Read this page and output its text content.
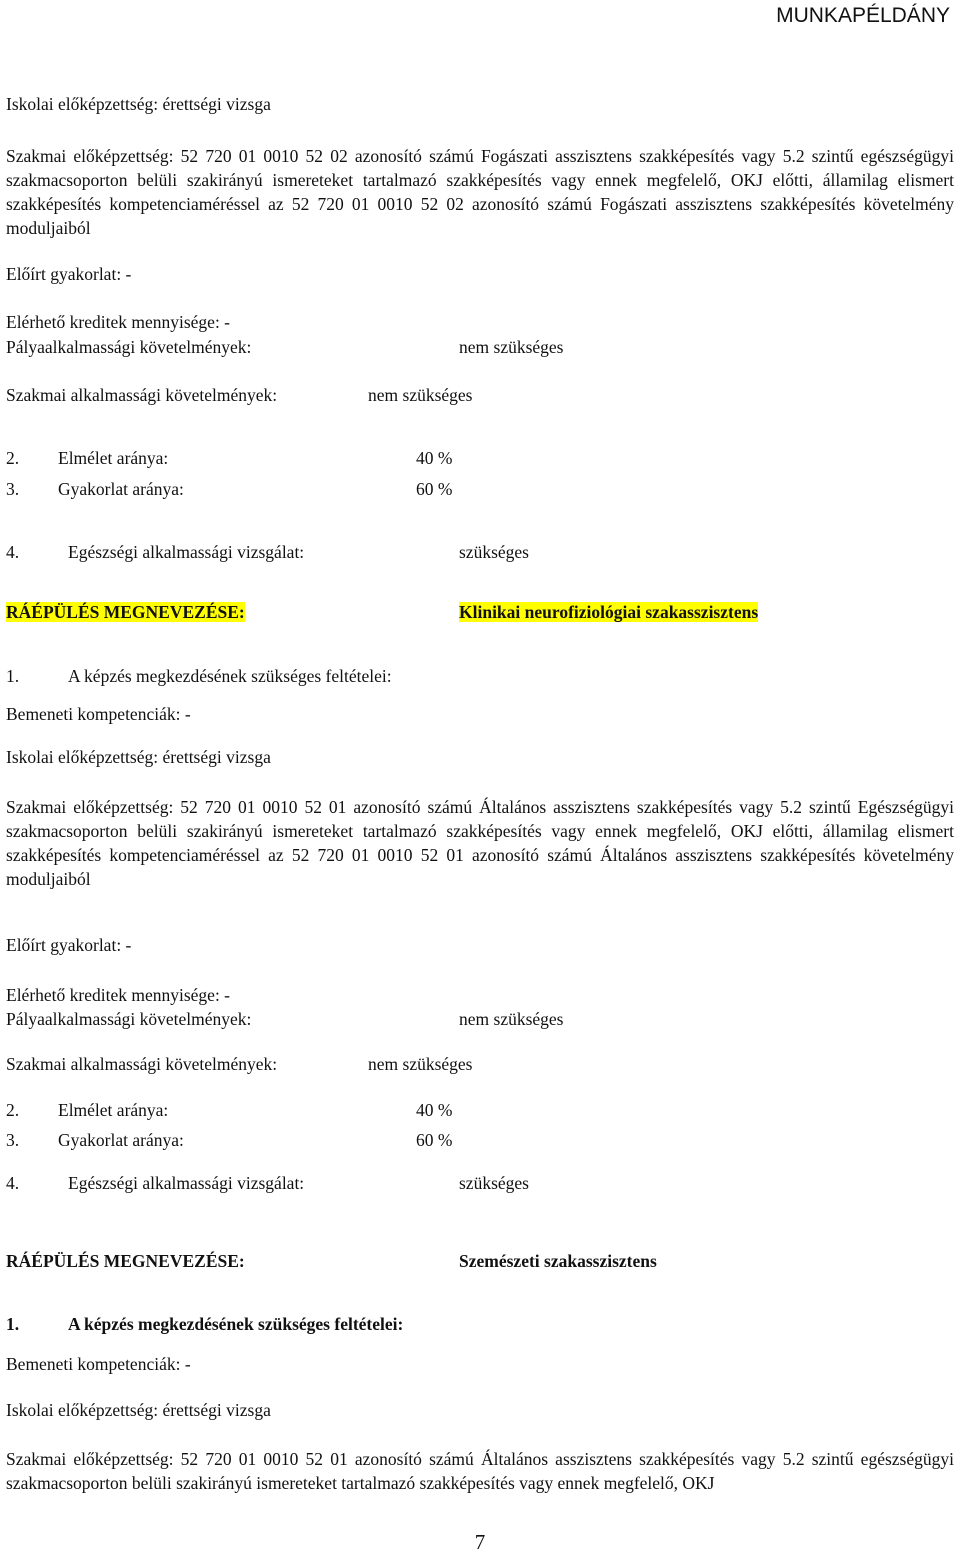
MUNKAPÉLDÁNY
Iskolai előképzettség: érettségi vizsga
Szakmai előképzettség: 52 720 01 0010 52 02 azonosító számú Fogászati asszisztens szakképesítés vagy 5.2 szintű egészségügyi szakmacsoporton belüli szakirányú ismereteket tartalmazó szakképesítés vagy ennek megfelelő, OKJ előtti, államilag elismert szakképesítés kompetenciaméréssel az 52 720 01 0010 52 02 azonosító számú Fogászati asszisztens szakképesítés követelmény moduljaiból
Előírt gyakorlat: -
Elérhető kreditek mennyisége: -
Pályaalkalmassági követelmények:	nem szükséges
Szakmai alkalmassági követelmények:	nem szükséges
2. Elmélet aránya:	40 %
3. Gyakorlat aránya:	60 %
4.	Egészségi alkalmassági vizsgálat:	szükséges
RÁÉPÜLÉS MEGNEVEZÉSE:	Klinikai neurofiziológiai szakasszisztens
1.	A képzés megkezdésének szükséges feltételei:
Bemeneti kompetenciák: -
Iskolai előképzettség: érettségi vizsga
Szakmai előképzettség: 52 720 01 0010 52 01 azonosító számú Általános asszisztens szakképesítés vagy 5.2 szintű Egészségügyi szakmacsoporton belüli szakirányú ismereteket tartalmazó szakképesítés vagy ennek megfelelő, OKJ előtti, államilag elismert szakképesítés kompetenciaméréssel az 52 720 01 0010 52 01 azonosító számú Általános asszisztens szakképesítés követelmény moduljaiból
Előírt gyakorlat: -
Elérhető kreditek mennyisége: -
Pályaalkalmassági követelmények:	nem szükséges
Szakmai alkalmassági követelmények:	nem szükséges
2. Elmélet aránya:	40 %
3. Gyakorlat aránya:	60 %
4.	Egészségi alkalmassági vizsgálat:	szükséges
RÁÉPÜLÉS MEGNEVEZÉSE:	Szemészeti szakasszisztens
1.	A képzés megkezdésének szükséges feltételei:
Bemeneti kompetenciák: -
Iskolai előképzettség: érettségi vizsga
Szakmai előképzettség: 52 720 01 0010 52 01 azonosító számú Általános asszisztens szakképesítés vagy 5.2 szintű egészségügyi szakmacsoporton belüli szakirányú ismereteket tartalmazó szakképesítés vagy ennek megfelelő, OKJ
7
